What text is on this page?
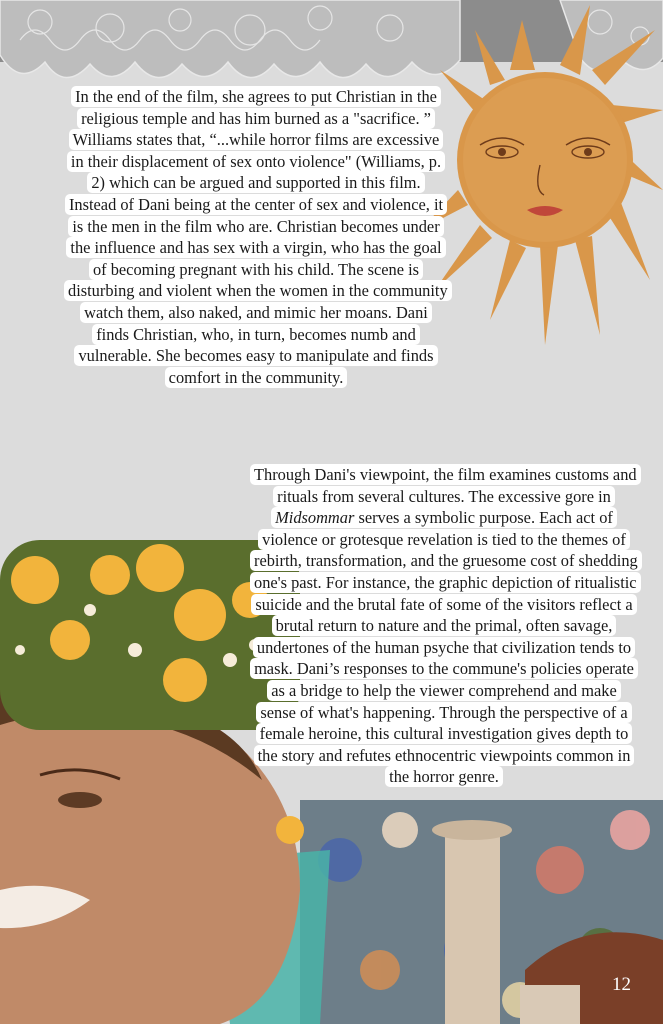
In the end of the film, she agrees to put Christian in the religious temple and has him burned as a "sacrifice. ” Williams states that, “...while horror films are excessive in their displacement of sex onto violence" (Williams, p. 2) which can be argued and supported in this film. Instead of Dani being at the center of sex and violence, it is the men in the film who are. Christian becomes under the influence and has sex with a virgin, who has the goal of becoming pregnant with his child. The scene is disturbing and violent when the women in the community watch them, also naked, and mimic her moans. Dani finds Christian, who, in turn, becomes numb and vulnerable. She becomes easy to manipulate and finds comfort in the community.

Through Dani's viewpoint, the film examines customs and rituals from several cultures. The excessive gore in Midsommar serves a symbolic purpose. Each act of violence or grotesque revelation is tied to the themes of rebirth, transformation, and the gruesome cost of shedding one's past. For instance, the graphic depiction of ritualistic suicide and the brutal fate of some of the visitors reflect a brutal return to nature and the primal, often savage, undertones of the human psyche that civilization tends to mask. Dani’s responses to the commune's policies operate as a bridge to help the viewer comprehend and make sense of what's happening. Through the perspective of a female heroine, this cultural investigation gives depth to the story and refutes ethnocentric viewpoints common in the horror genre.

12
